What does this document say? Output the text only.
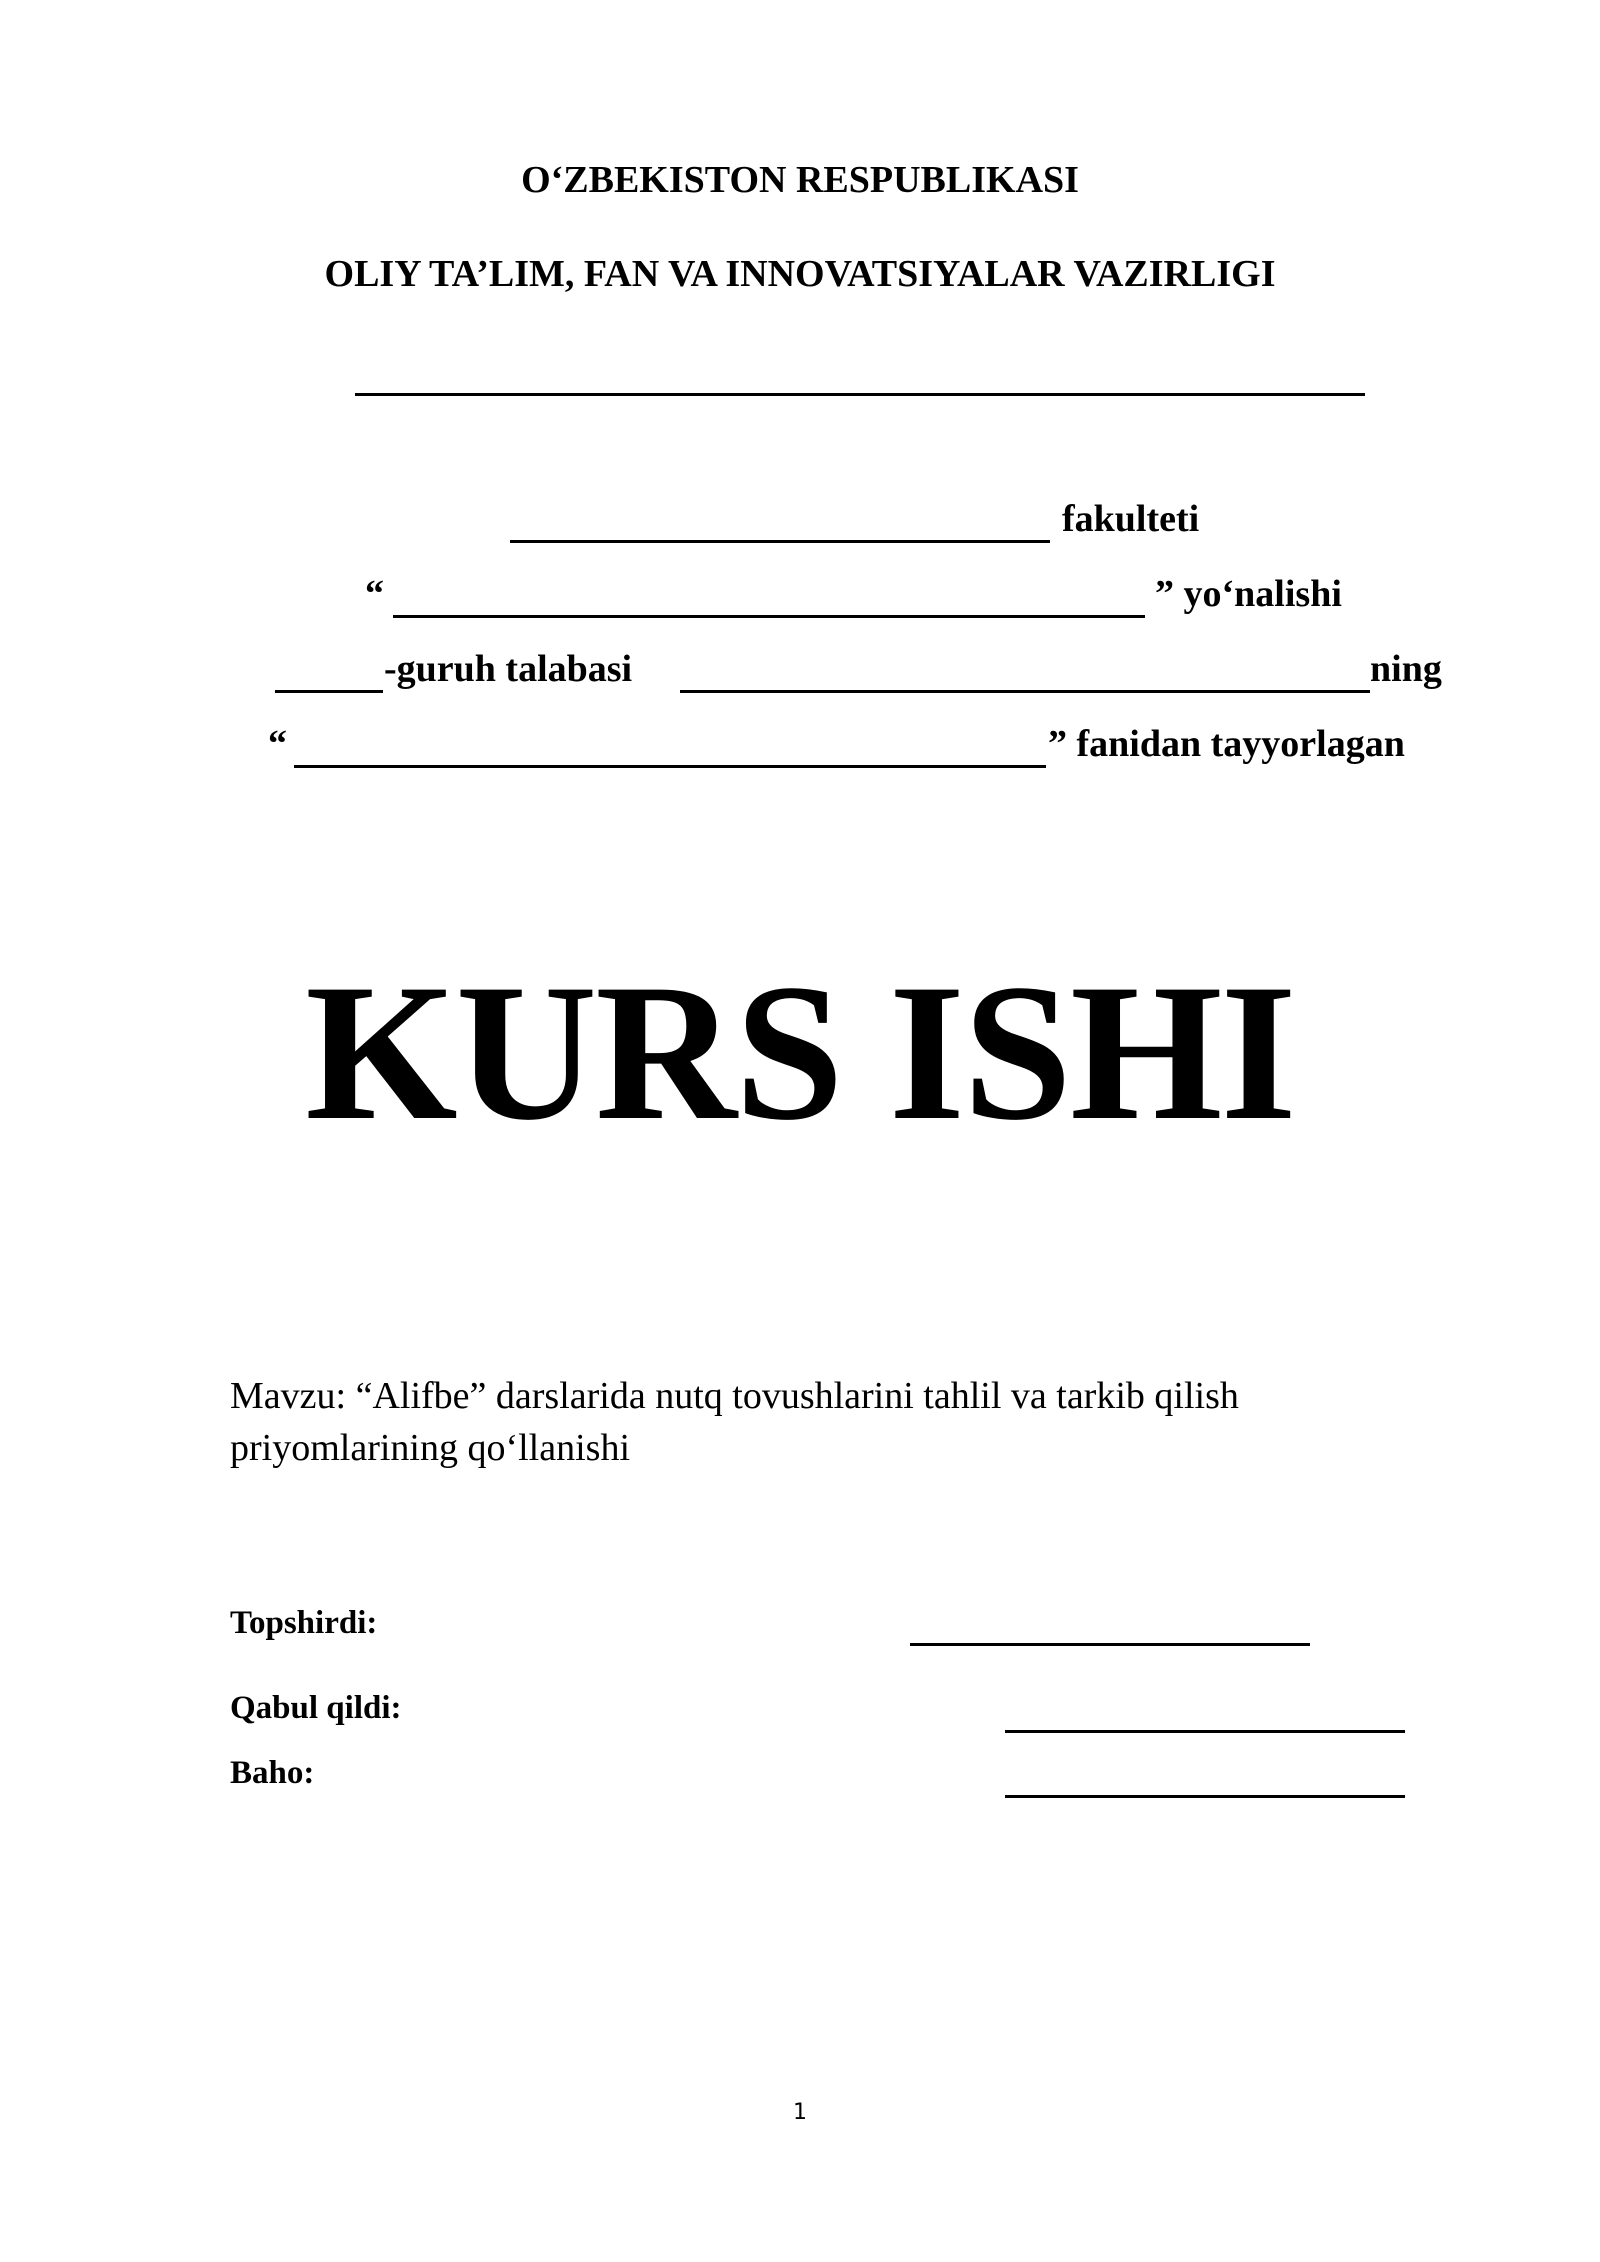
O‘ZBEKISTON RESPUBLIKASI
OLIY TA’LIM, FAN VA INNOVATSIYALAR VAZIRLIGI
fakulteti
“	” yo‘nalishi
-guruh talabasi	ning
“	” fanidan tayyorlagan
KURS ISHI
Mavzu: “Alifbe” darslarida nutq tovushlarini tahlil va tarkib qilish priyomlarining qo‘llanishi
Topshirdi:
Qabul qildi:
Baho:
1
